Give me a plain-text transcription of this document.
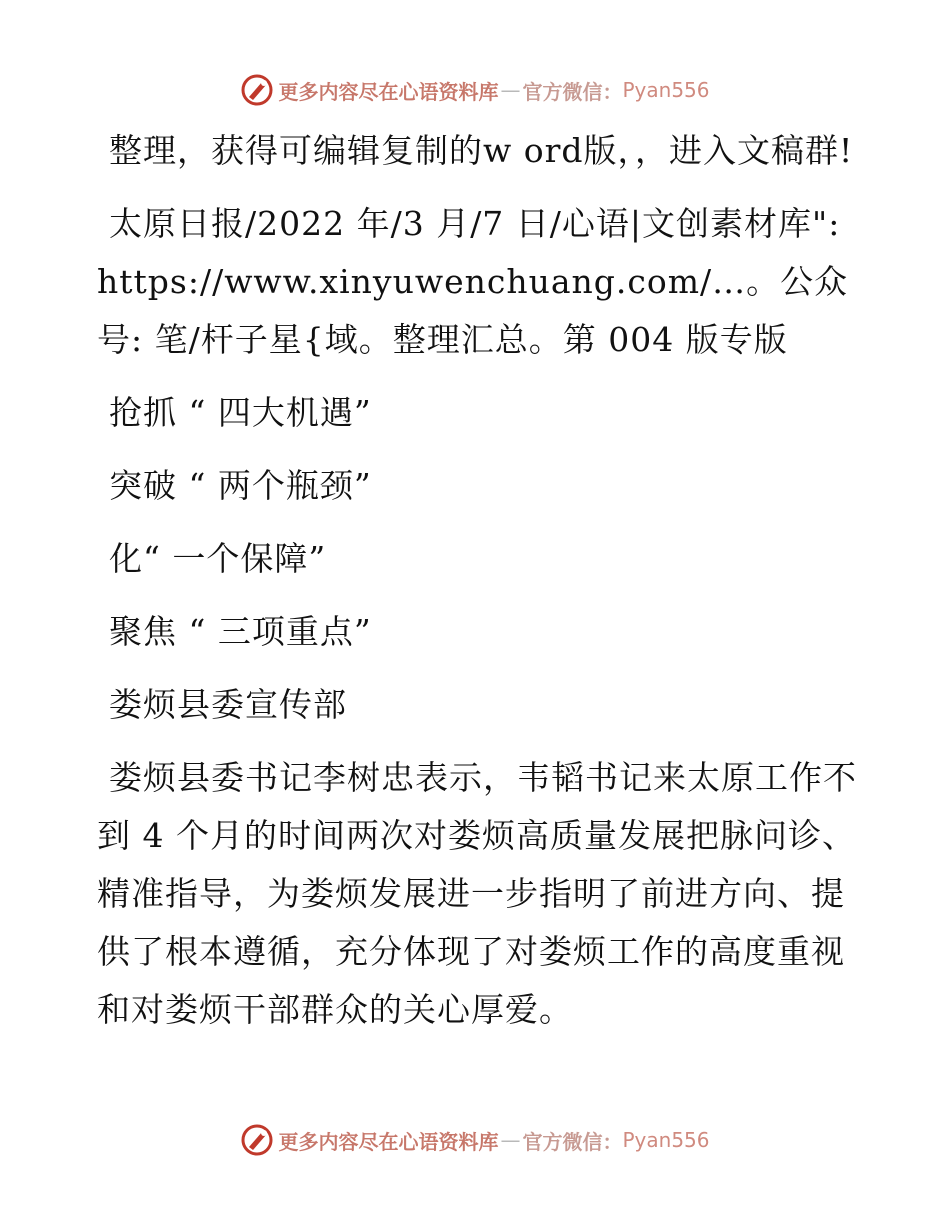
更多内容尽在心语资料库 — 官方微信： Pyan556

整理，获得可编辑复制的w ord版，，进入文稿群!

太原日报/2022 年/3 月/7 日/心语|文创素材库": https://www.xinyuwenchuang.com/…。公众号: 笔/杆子星{域。整理汇总。第 004 版专版

抢抓 “ 四大机遇”

突破 “ 两个瓶颈”

化“ 一个保障”

聚焦 “ 三项重点”

娄烦县委宣传部

娄烦县委书记李树忠表示，韦韬书记来太原工作不到 4 个月的时间两次对娄烦高质量发展把脉问诊、精准指导，为娄烦发展进一步指明了前进方向、提供了根本遵循，充分体现了对娄烦工作的高度重视和对娄烦干部群众的关心厚爱。

更多内容尽在心语资料库 — 官方微信： Pyan556
